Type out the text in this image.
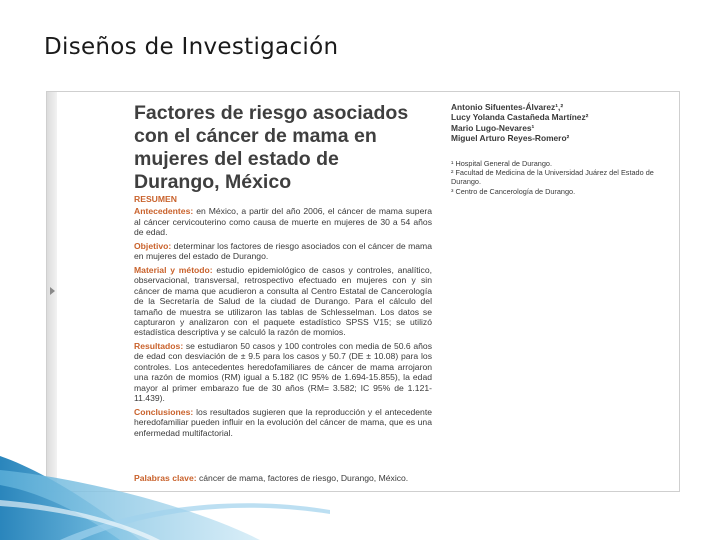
Diseños de Investigación
Factores de riesgo asociados con el cáncer de mama en mujeres del estado de Durango, México
Antonio Sifuentes-Álvarez¹,²
Lucy Yolanda Castañeda Martínez²
Mario Lugo-Nevares¹
Miguel Arturo Reyes-Romero²
¹ Hospital General de Durango.
² Facultad de Medicina de la Universidad Juárez del Estado de Durango.
³ Centro de Cancerología de Durango.
RESUMEN

Antecedentes: en México, a partir del año 2006, el cáncer de mama supera al cáncer cervicouterino como causa de muerte en mujeres de 30 a 54 años de edad.

Objetivo: determinar los factores de riesgo asociados con el cáncer de mama en mujeres del estado de Durango.

Material y método: estudio epidemiológico de casos y controles, analítico, observacional, transversal, retrospectivo efectuado en mujeres con y sin cáncer de mama que acudieron a consulta al Centro Estatal de Cancerología de la Secretaría de Salud de la ciudad de Durango. Para el cálculo del tamaño de muestra se utilizaron las tablas de Schlesselman. Los datos se capturaron y analizaron con el paquete estadístico SPSS V15; se utilizó estadística descriptiva y se calculó la razón de momios.

Resultados: se estudiaron 50 casos y 100 controles con media de 50.6 años de edad con desviación de ± 9.5 para los casos y 50.7 (DE ± 10.08) para los controles. Los antecedentes heredofamiliares de cáncer de mama arrojaron una razón de momios (RM) igual a 5.182 (IC 95% de 1.694-15.855), la edad mayor al primer embarazo fue de 30 años (RM= 3.582; IC 95% de 1.121-11.439).

Conclusiones: los resultados sugieren que la reproducción y el antecedente heredofamiliar pueden influir en la evolución del cáncer de mama, que es una enfermedad multifactorial.

Palabras clave: cáncer de mama, factores de riesgo, Durango, México.
